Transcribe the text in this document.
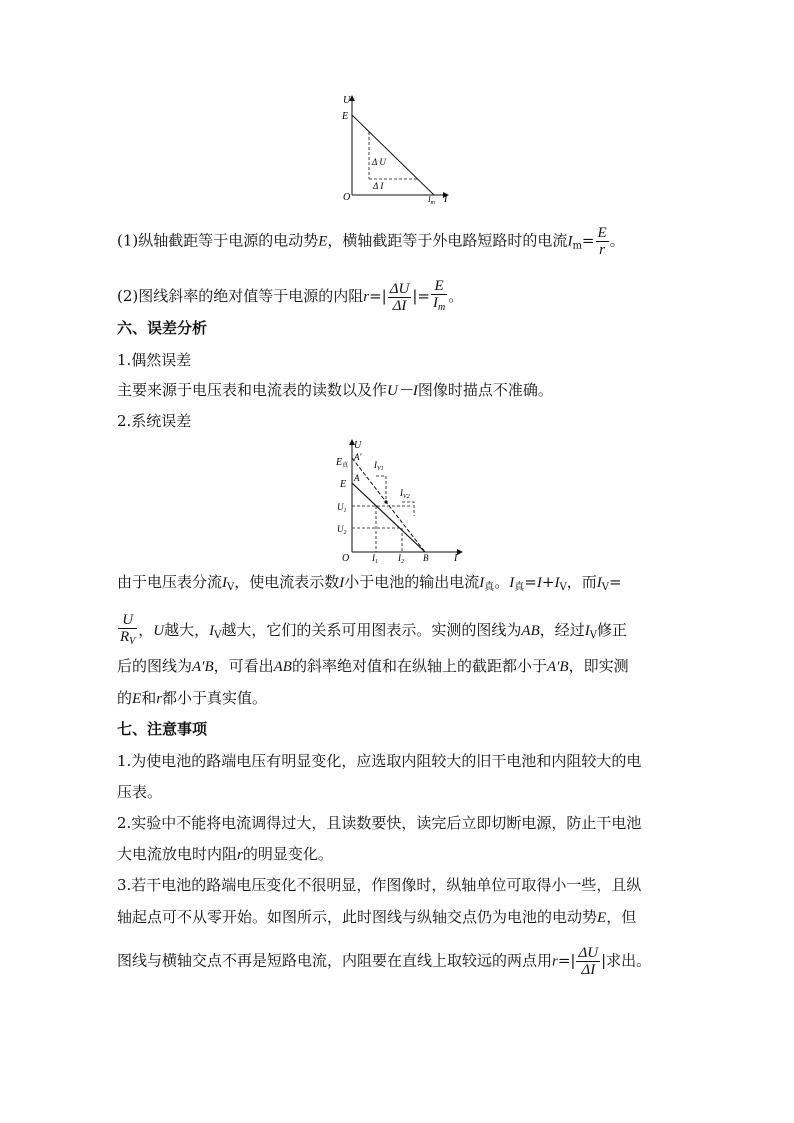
U
E
O
Δ U
Δ I
$I_m$ I
(1)纵轴截距等于电源的电动势E，横轴截距等于外电路短路时的电流$I_m= \frac{E}{r}$ 。
(2)图线斜率的绝对值等于电源的内阻$r=| \frac{\Delta U}{\Delta I}$ |= $\frac{E}{I_m}$ 。
六、误差分析
1.偶然误差
主要来源于电压表和电流表的读数以及作U－I图像时描点不准确。
2.系统误差
U
A′
$E_真$
A
E
$I_{V1}$
$I_{V2}$
$U_1$
$U_2$
O	$I_1$ $I_2$ B	I
由于电压表分流$I_V$，使电流表示数I小于电池的输出电流$I_真$。$I_真=I+I_V$，而$I_V=$
$\frac{U}{R_V}$ ，U越大，$I_V$越大，它们的关系可用图表示。实测的图线为AB，经过$I_V$修正
后的图线为A′B，可看出AB的斜率绝对值和在纵轴上的截距都小于A′B，即实测
的E和r都小于真实值。
七、注意事项
1.为使电池的路端电压有明显变化，应选取内阻较大的旧干电池和内阻较大的电
压表。
2.实验中不能将电流调得过大，且读数要快，读完后立即切断电源，防止干电池
大电流放电时内阻r的明显变化。
3.若干电池的路端电压变化不很明显，作图像时，纵轴单位可取得小一些，且纵
轴起点可不从零开始。如图所示，此时图线与纵轴交点仍为电池的电动势E，但
图线与横轴交点不再是短路电流，内阻要在直线上取较远的两点用$r=| \frac{\Delta U}{\Delta I}$ |求出。
